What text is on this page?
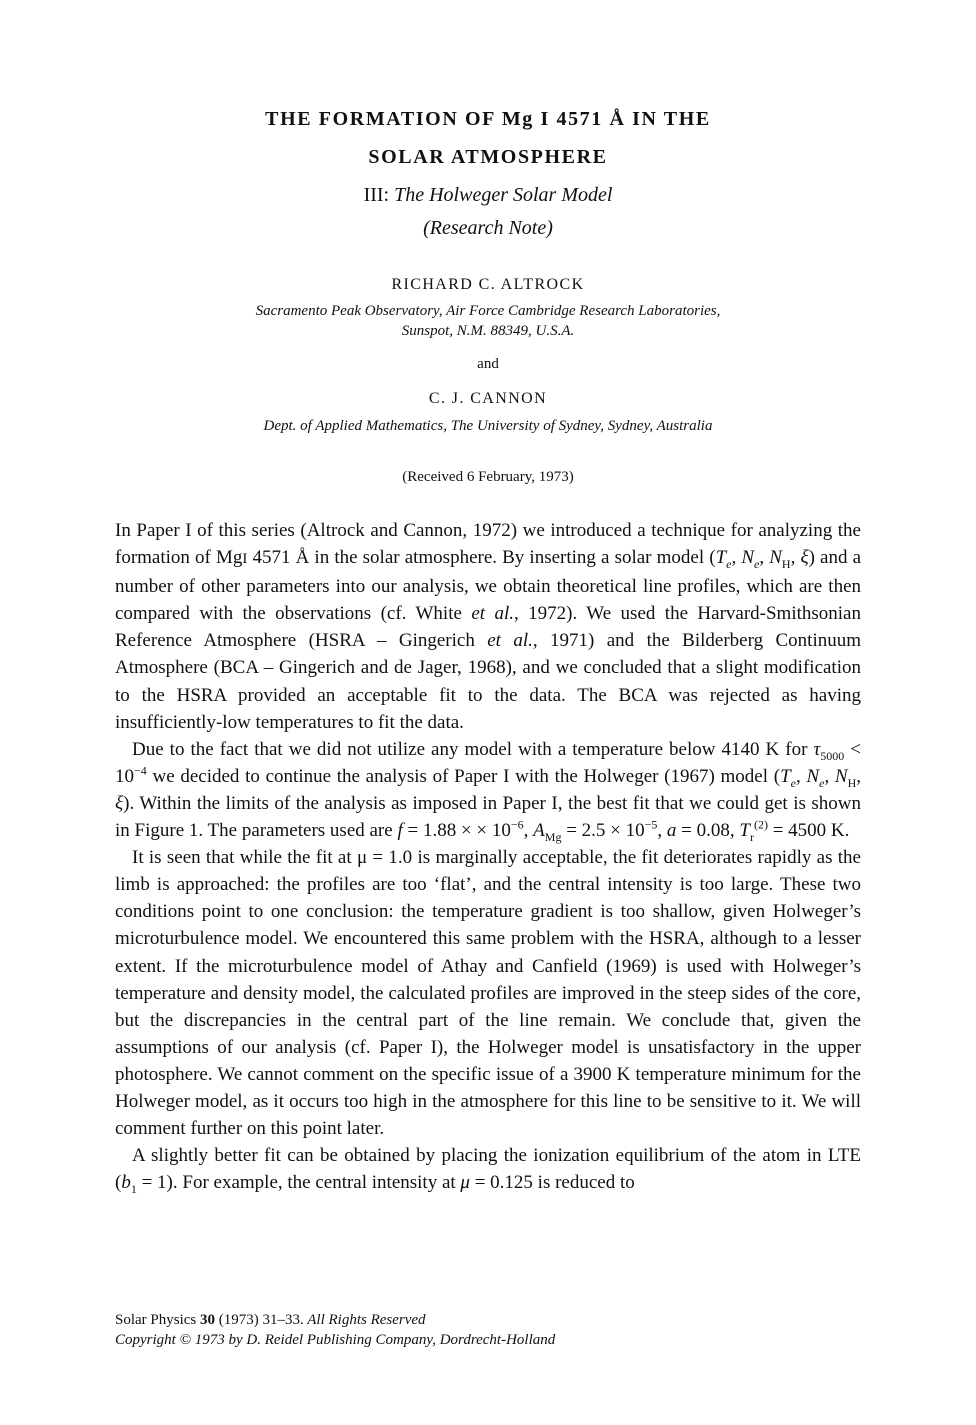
THE FORMATION OF Mg I 4571 Å IN THE
SOLAR ATMOSPHERE
III: The Holweger Solar Model
(Research Note)
RICHARD C. ALTROCK
Sacramento Peak Observatory, Air Force Cambridge Research Laboratories,
Sunspot, N.M. 88349, U.S.A.
and
C. J. CANNON
Dept. of Applied Mathematics, The University of Sydney, Sydney, Australia
(Received 6 February, 1973)

In Paper I of this series (Altrock and Cannon, 1972) we introduced a technique for analyzing the formation of MgI 4571 Å in the solar atmosphere. By inserting a solar model ($T_e$, $N_e$, $N_H$, ξ) and a number of other parameters into our analysis, we obtain theoretical line profiles, which are then compared with the observations (cf. White et al., 1972). We used the Harvard-Smithsonian Reference Atmosphere (HSRA – Gingerich et al., 1971) and the Bilderberg Continuum Atmosphere (BCA – Gingerich and de Jager, 1968), and we concluded that a slight modification to the HSRA provided an acceptable fit to the data. The BCA was rejected as having insufficiently-low temperatures to fit the data.

Due to the fact that we did not utilize any model with a temperature below 4140 K for $\tau_{5000} < 10^{-4}$ we decided to continue the analysis of Paper I with the Holweger (1967) model ($T_e$, $N_e$, $N_H$, ξ). Within the limits of the analysis as imposed in Paper I, the best fit that we could get is shown in Figure 1. The parameters used are f = 1.88 × × $10^{-6}$, $A_{Mg} = 2.5 \times 10^{-5}$, a = 0.08, $T_r^{(2)} = 4500$ K.

It is seen that while the fit at μ = 1.0 is marginally acceptable, the fit deteriorates rapidly as the limb is approached: the profiles are too ‘flat’, and the central intensity is too large. These two conditions point to one conclusion: the temperature gradient is too shallow, given Holweger’s microturbulence model. We encountered this same problem with the HSRA, although to a lesser extent. If the microturbulence model of Athay and Canfield (1969) is used with Holweger’s temperature and density model, the calculated profiles are improved in the steep sides of the core, but the discrepancies in the central part of the line remain. We conclude that, given the assumptions of our analysis (cf. Paper I), the Holweger model is unsatisfactory in the upper photosphere. We cannot comment on the specific issue of a 3900 K temperature minimum for the Holweger model, as it occurs too high in the atmosphere for this line to be sensitive to it. We will comment further on this point later.

A slightly better fit can be obtained by placing the ionization equilibrium of the atom in LTE $(b_1 = 1)$. For example, the central intensity at μ = 0.125 is reduced to

Solar Physics 30 (1973) 31–33. All Rights Reserved
Copyright © 1973 by D. Reidel Publishing Company, Dordrecht-Holland
